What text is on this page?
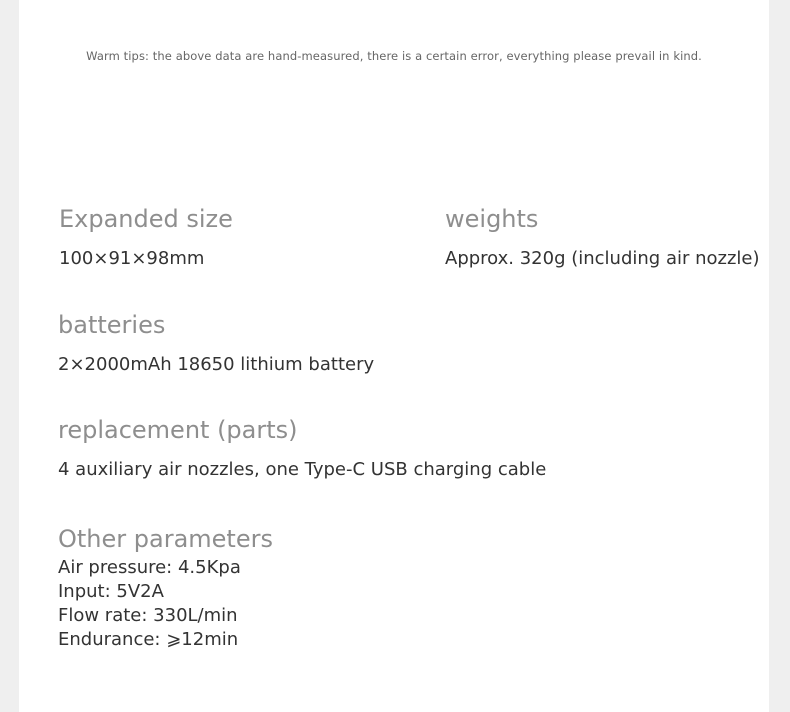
Warm tips: the above data are hand-measured, there is a certain error, everything please prevail in kind.
Expanded size
100×91×98mm
weights
Approx. 320g (including air nozzle)
batteries
2×2000mAh 18650 lithium battery
replacement (parts)
4 auxiliary air nozzles, one Type-C USB charging cable
Other parameters
Air pressure: 4.5Kpa
Input: 5V2A
Flow rate: 330L/min
Endurance: ⩾12min
